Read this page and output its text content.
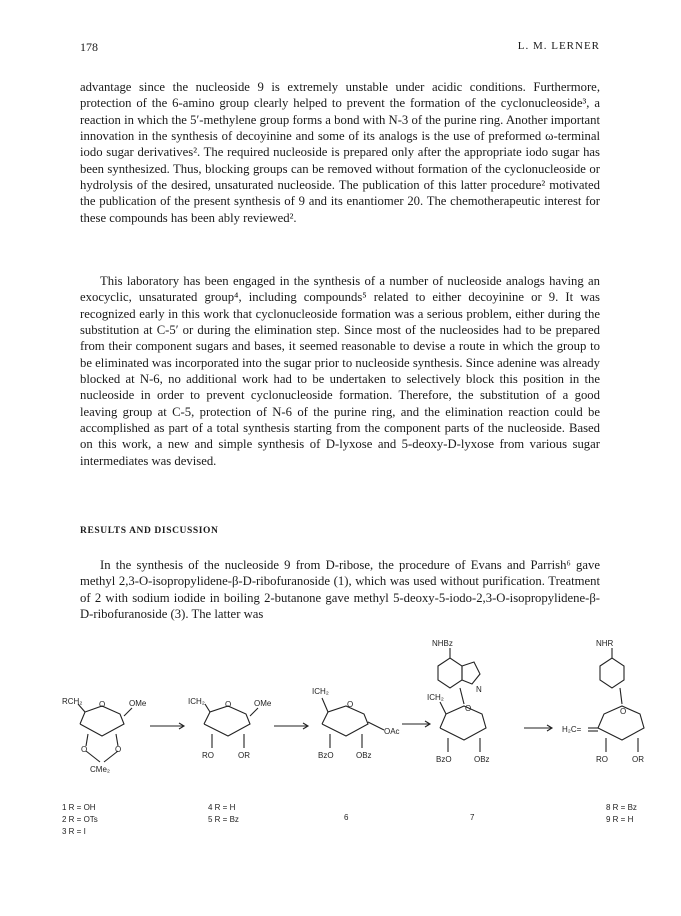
178	L. M. LERNER

advantage since the nucleoside 9 is extremely unstable under acidic conditions. Furthermore, protection of the 6-amino group clearly helped to prevent the formation of the cyclonucleoside³, a reaction in which the 5′-methylene group forms a bond with N-3 of the purine ring. Another important innovation in the synthesis of decoyinine and some of its analogs is the use of preformed ω-terminal iodo sugar derivatives². The required nucleoside is prepared only after the appropriate iodo sugar has been synthesized. Thus, blocking groups can be removed without formation of the cyclonucleoside or hydrolysis of the desired, unsaturated nucleoside. The publication of this latter procedure² motivated the publication of the present synthesis of 9 and its enantiomer 20. The chemotherapeutic interest for these compounds has been ably reviewed².

This laboratory has been engaged in the synthesis of a number of nucleoside analogs having an exocyclic, unsaturated group⁴, including compounds⁵ related to either decoyinine or 9. It was recognized early in this work that cyclonucleoside formation was a serious problem, either during the substitution at C-5′ or during the elimination step. Since most of the nucleosides had to be prepared from their component sugars and bases, it seemed reasonable to devise a route in which the group to be eliminated was incorporated into the sugar prior to nucleoside synthesis. Since adenine was already blocked at N-6, no additional work had to be undertaken to selectively block this position in the nucleoside in order to prevent cyclonucleoside formation. Therefore, the substitution of a good leaving group at C-5, protection of N-6 of the purine ring, and the elimination reaction could be accomplished as part of a total synthesis starting from the component parts of the nucleoside. Based on this work, a new and simple synthesis of D-lyxose and 5-deoxy-D-lyxose from various sugar intermediates was devised.

RESULTS AND DISCUSSION

In the synthesis of the nucleoside 9 from D-ribose, the procedure of Evans and Parrish⁶ gave methyl 2,3-O-isopropylidene-β-D-ribofuranoside (1), which was used without purification. Treatment of 2 with sodium iodide in boiling 2-butanone gave methyl 5-deoxy-5-iodo-2,3-O-isopropylidene-β-D-ribofuranoside (3). The latter was

RCH₂	OMe
O
O	O
CMe₂
1 R = OH
2 R = OTs
3 R = I
ICH₂	OMe
O
RO	OR
4 R = H
5 R = Bz
ICH₂
OAc
O
BzO	OBz
6
NHBz
ICH₂
O
BzO	OBz
N
7
NHR
H₂C=
O
RO	OR
8 R = Bz
9 R = H
